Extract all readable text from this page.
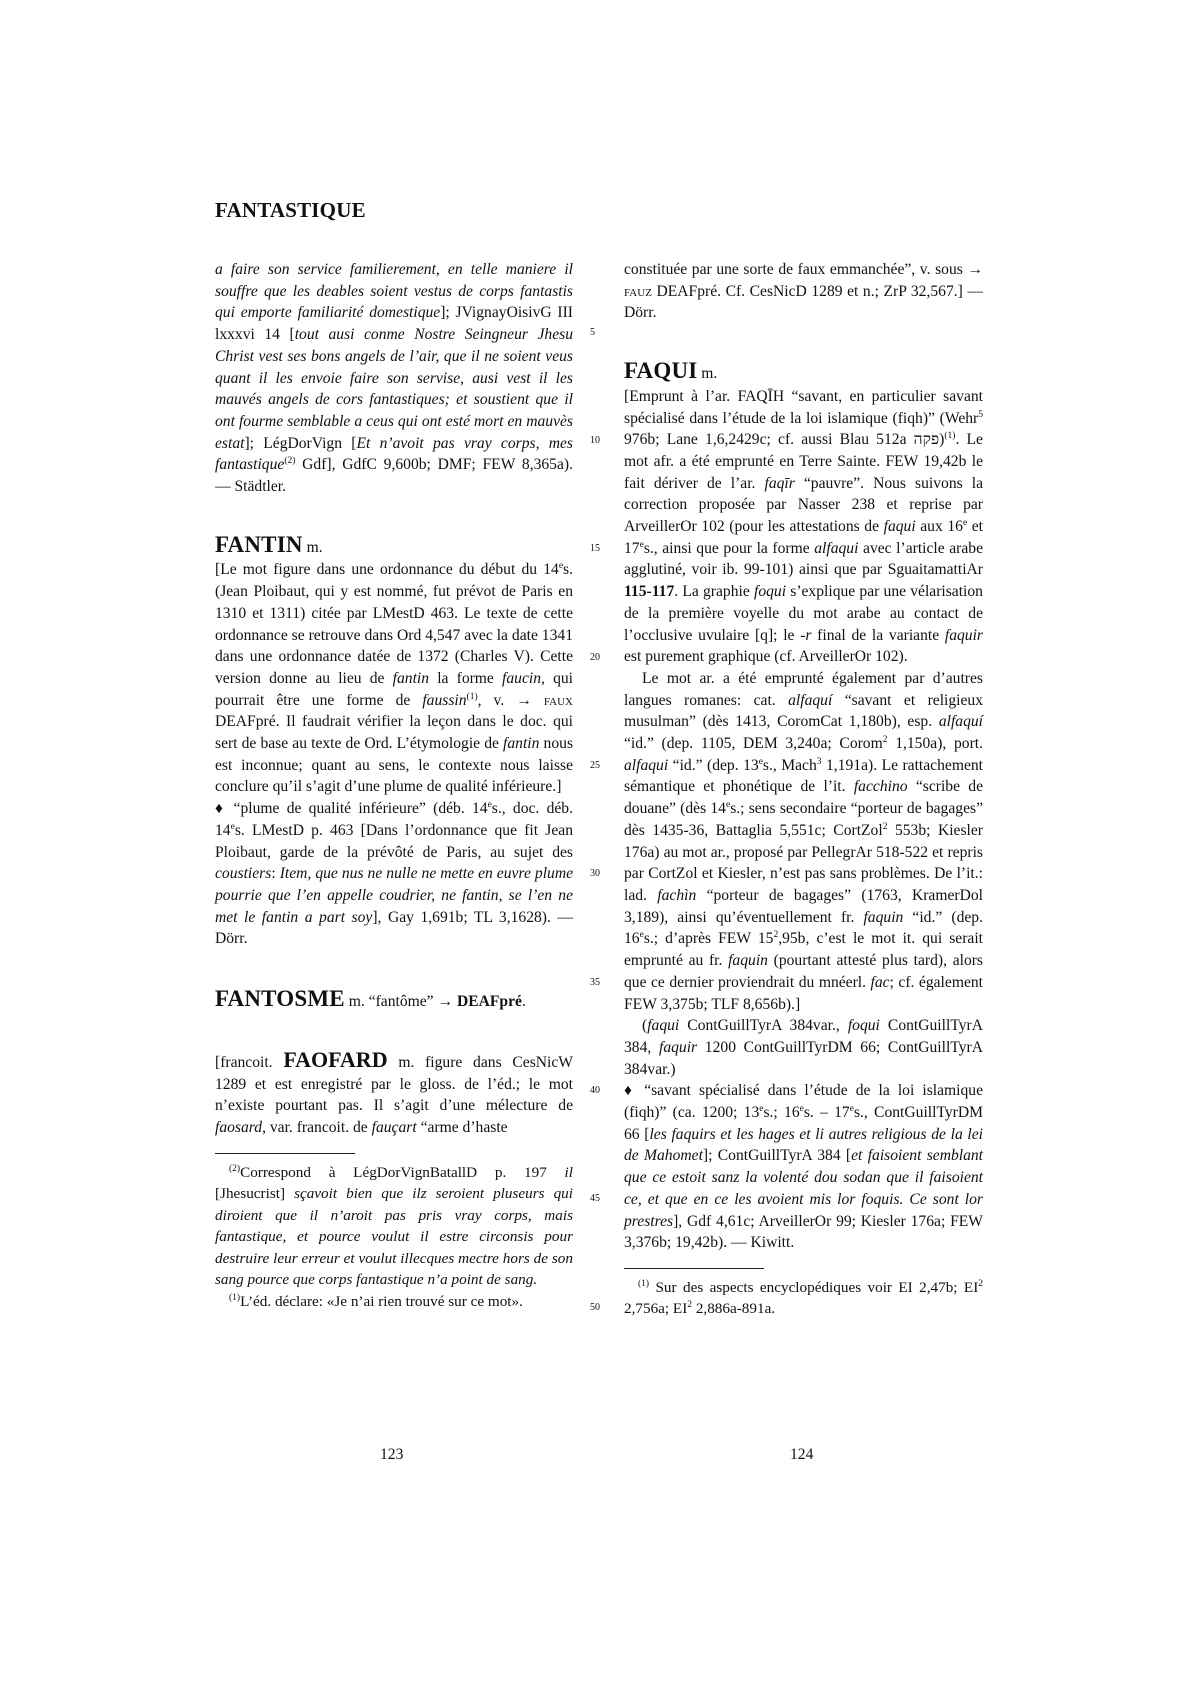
FANTASTIQUE
5
10
15
20
25
30
35
40
45
50

a faire son service familierement, en telle maniere il souffre que les deables soient vestus de corps fantastis qui emporte familiarité domestique]; JVignayOisivG III lxxxvi 14 [tout ausi conme Nostre Seingneur Jhesu Christ vest ses bons angels de l’air, que il ne soient veus quant il les envoie faire son servise, ausi vest il les mauvés angels de cors fantastiques; et soustient que il ont fourme semblable a ceus qui ont esté mort en mauvès estat]; LégDorVign [Et n’avoit pas vray corps, mes fantastique$^{(2)}$ Gdf], GdfC 9,600b; DMF; FEW 8,365a). — Städtler.

FANTIN m.

[Le mot figure dans une ordonnance du début du 14es. (Jean Ploibaut, qui y est nommé, fut prévot de Paris en 1310 et 1311) citée par LMestD 463. Le texte de cette ordonnance se retrouve dans Ord 4,547 avec la date 1341 dans une ordonnance datée de 1372 (Charles V). Cette version donne au lieu de fantin la forme faucin, qui pourrait être une forme de faussin$^{(1)}$, v. → faux DEAFpré. Il faudrait vérifier la leçon dans le doc. qui sert de base au texte de Ord. L’étymologie de fantin nous est inconnue; quant au sens, le contexte nous laisse conclure qu’il s’agit d’une plume de qualité inférieure.]

♦ “plume de qualité inférieure” (déb. 14es., doc. déb. 14es. LMestD p. 463 [Dans l’ordonnance que fit Jean Ploibaut, garde de la prévôté de Paris, au sujet des coustiers: Item, que nus ne nulle ne mette en euvre plume pourrie que l’en appelle coudrier, ne fantin, se l’en ne met le fantin a part soy], Gay 1,691b; TL 3,1628). — Dörr.

FANTOSME m. “fantôme” → DEAFpré.

[francoit. FAOFARD m. figure dans CesNicW 1289 et est enregistré par le gloss. de l’éd.; le mot n’existe pourtant pas. Il s’agit d’une mélecture de faosard, var. francoit. de fauçart “arme d’haste

$^{(2)}$Correspond à LégDorVignBatallD p. 197 il [Jhesucrist] sçavoit bien que ilz seroient pluseurs qui diroient que il n’aroit pas pris vray corps, mais fantastique, et pource voulut il estre circonsis pour destruire leur erreur et voulut illecques mectre hors de son sang pource que corps fantastique n’a point de sang.

$^{(1)}$L’éd. déclare: «Je n’ai rien trouvé sur ce mot».

constituée par une sorte de faux emmanchée”, v. sous → fauz DEAFpré. Cf. CesNicD 1289 et n.; ZrP 32,567.] — Dörr.

FAQUI m.

[Emprunt à l’ar. FAQĪH “savant, en particulier savant spécialisé dans l’étude de la loi islamique (fiqh)” (Wehr$^5$ 976b; Lane 1,6,2429c; cf. aussi Blau 512a פקה)$^{(1)}$. Le mot afr. a été emprunté en Terre Sainte. FEW 19,42b le fait dériver de l’ar. faqīr “pauvre”. Nous suivons la correction proposée par Nasser 238 et reprise par ArveillerOr 102 (pour les attestations de faqui aux 16e et 17es., ainsi que pour la forme alfaqui avec l’article arabe agglutiné, voir ib. 99-101) ainsi que par SguaitamattiAr 115-117. La graphie foqui s’explique par une vélarisation de la première voyelle du mot arabe au contact de l’occlusive uvulaire [q]; le -r final de la variante faquir est purement graphique (cf. ArveillerOr 102).

Le mot ar. a été emprunté également par d’autres langues romanes: cat. alfaquí “savant et religieux musulman” (dès 1413, CoromCat 1,180b), esp. alfaquí “id.” (dep. 1105, DEM 3,240a; Corom$^2$ 1,150a), port. alfaqui “id.” (dep. 13es., Mach$^3$ 1,191a). Le rattachement sémantique et phonétique de l’it. facchino “scribe de douane” (dès 14es.; sens secondaire “porteur de bagages” dès 1435-36, Battaglia 5,551c; CortZol$^2$ 553b; Kiesler 176a) au mot ar., proposé par PellegrAr 518-522 et repris par CortZol et Kiesler, n’est pas sans problèmes. De l’it.: lad. fachìn “porteur de bagages” (1763, KramerDol 3,189), ainsi qu’éventuellement fr. faquin “id.” (dep. 16es.; d’après FEW $15^2,95b$, c’est le mot it. qui serait emprunté au fr. faquin (pourtant attesté plus tard), alors que ce dernier proviendrait du mnéerl. fac; cf. également FEW 3,375b; TLF 8,656b).]

(faqui ContGuillTyrA 384var., foqui ContGuillTyrA 384, faquir 1200 ContGuillTyrDM 66; ContGuillTyrA 384var.)

♦ “savant spécialisé dans l’étude de la loi islamique (fiqh)” (ca. 1200; 13es.; 16es. – 17es., ContGuillTyrDM 66 [les faquirs et les hages et li autres religious de la lei de Mahomet]; ContGuillTyrA 384 [et faisoient semblant que ce estoit sanz la volenté dou sodan que il faisoient ce, et que en ce les avoient mis lor foquis. Ce sont lor prestres], Gdf 4,61c; ArveillerOr 99; Kiesler 176a; FEW 3,376b; 19,42b). — Kiwitt.

$^{(1)}$ Sur des aspects encyclopédiques voir EI 2,47b; $EI^2$ 2,756a; $EI^2$ 2,886a-891a.

123	124
